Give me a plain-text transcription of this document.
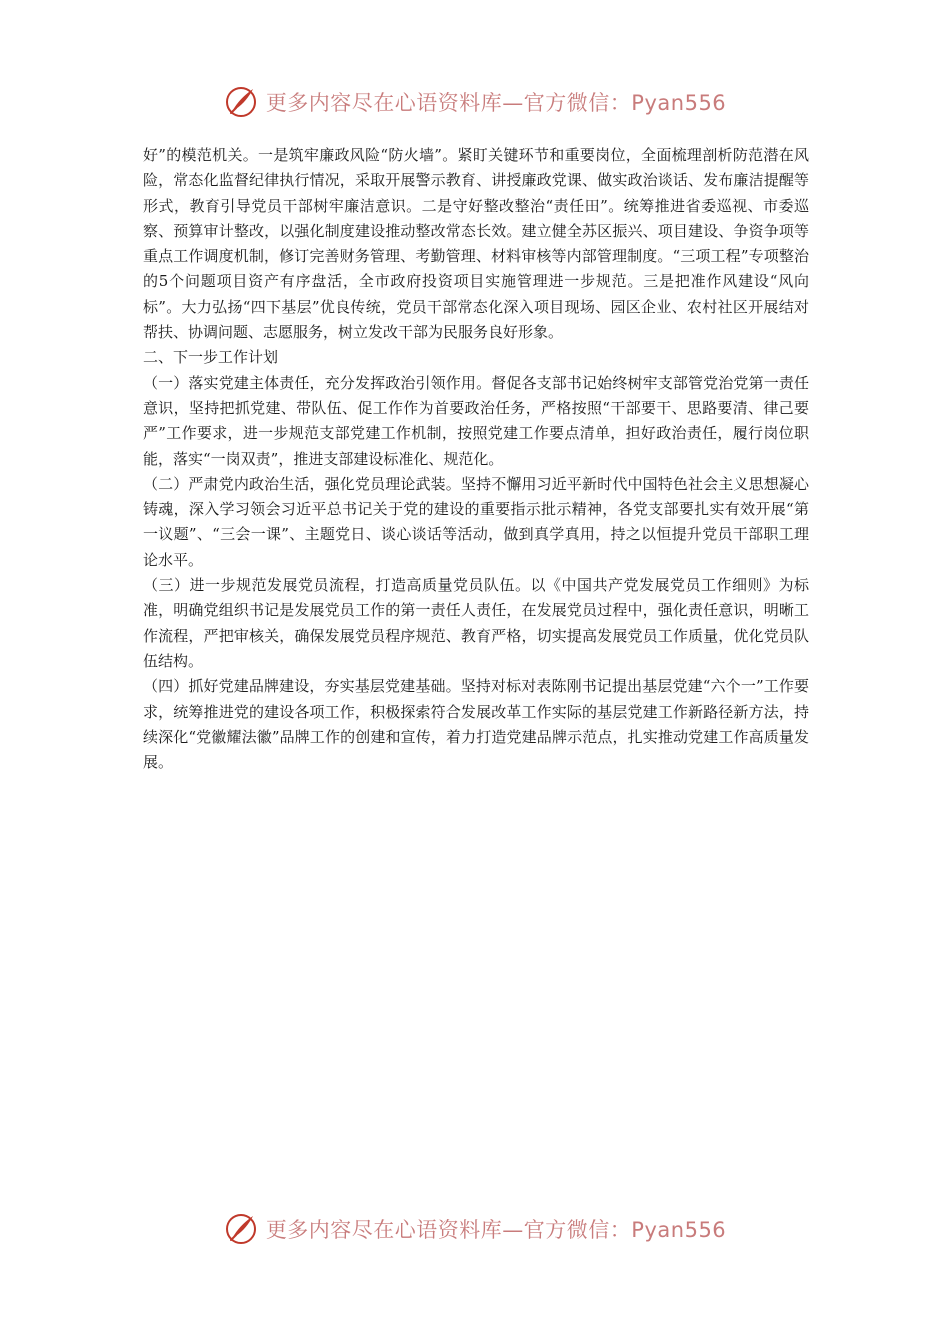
更多内容尽在心语资料库—官方微信：Pyan556

好”的模范机关。一是筑牢廉政风险“防火墙”。紧盯关键环节和重要岗位，全面梳理剖析防范潜在风险，常态化监督纪律执行情况，采取开展警示教育、讲授廉政党课、做实政治谈话、发布廉洁提醒等形式，教育引导党员干部树牢廉洁意识。二是守好整改整治“责任田”。统筹推进省委巡视、市委巡察、预算审计整改，以强化制度建设推动整改常态长效。建立健全苏区振兴、项目建设、争资争项等重点工作调度机制，修订完善财务管理、考勤管理、材料审核等内部管理制度。“三项工程”专项整治的5个问题项目资产有序盘活，全市政府投资项目实施管理进一步规范。三是把准作风建设“风向标”。大力弘扬“四下基层”优良传统，党员干部常态化深入项目现场、园区企业、农村社区开展结对帮扶、协调问题、志愿服务，树立发改干部为民服务良好形象。

二、下一步工作计划

（一）落实党建主体责任，充分发挥政治引领作用。督促各支部书记始终树牢支部管党治党第一责任意识，坚持把抓党建、带队伍、促工作作为首要政治任务，严格按照“干部要干、思路要清、律己要严”工作要求，进一步规范支部党建工作机制，按照党建工作要点清单，担好政治责任，履行岗位职能，落实“一岗双责”，推进支部建设标准化、规范化。

（二）严肃党内政治生活，强化党员理论武装。坚持不懈用习近平新时代中国特色社会主义思想凝心铸魂，深入学习领会习近平总书记关于党的建设的重要指示批示精神，各党支部要扎实有效开展“第一议题”、“三会一课”、主题党日、谈心谈话等活动，做到真学真用，持之以恒提升党员干部职工理论水平。

（三）进一步规范发展党员流程，打造高质量党员队伍。以《中国共产党发展党员工作细则》为标准，明确党组织书记是发展党员工作的第一责任人责任，在发展党员过程中，强化责任意识，明晰工作流程，严把审核关，确保发展党员程序规范、教育严格，切实提高发展党员工作质量，优化党员队伍结构。

（四）抓好党建品牌建设，夯实基层党建基础。坚持对标对表陈刚书记提出基层党建“六个一”工作要求，统筹推进党的建设各项工作，积极探索符合发展改革工作实际的基层党建工作新路径新方法，持续深化“党徽耀法徽”品牌工作的创建和宣传，着力打造党建品牌示范点，扎实推动党建工作高质量发展。

更多内容尽在心语资料库—官方微信：Pyan556
